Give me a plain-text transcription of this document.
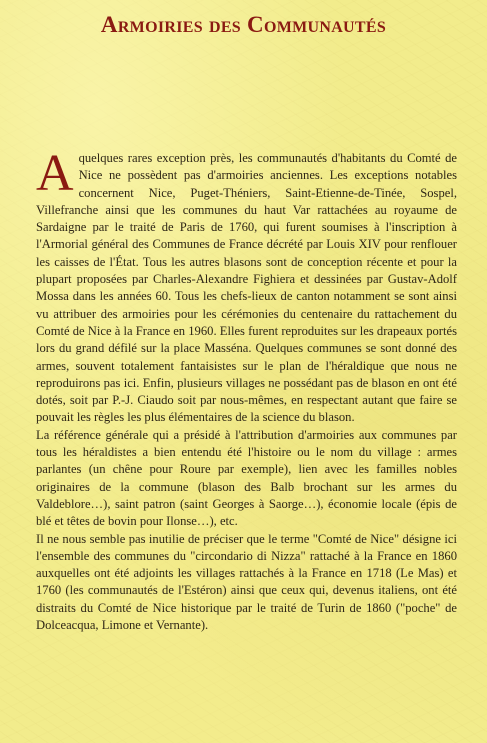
Armoiries des Communautés

Aquelques rares exception près, les communautés d'habitants du Comté de Nice ne possèdent pas d'armoiries anciennes. Les exceptions notables concernent Nice, Puget-Théniers, Saint-Etienne-de-Tinée, Sospel, Villefranche ainsi que les communes du haut Var rattachées au royaume de Sardaigne par le traité de Paris de 1760, qui furent soumises à l'inscription à l'Armorial général des Communes de France décrété par Louis XIV pour renflouer les caisses de l'État. Tous les autres blasons sont de conception récente et pour la plupart proposées par Charles-Alexandre Fighiera et dessinées par Gustav-Adolf Mossa dans les années 60. Tous les chefs-lieux de canton notamment se sont ainsi vu attribuer des armoiries pour les cérémonies du centenaire du rattachement du Comté de Nice à la France en 1960. Elles furent reproduites sur les drapeaux portés lors du grand défilé sur la place Masséna. Quelques communes se sont donné des armes, souvent totalement fantaisistes sur le plan de l'héraldique que nous ne reproduirons pas ici. Enfin, plusieurs villages ne possédant pas de blason en ont été dotés, soit par P.-J. Ciaudo soit par nous-mêmes, en respectant autant que faire se pouvait les règles les plus élémentaires de la science du blason.

La référence générale qui a présidé à l'attribution d'armoiries aux communes par tous les héraldistes a bien entendu été l'histoire ou le nom du village : armes parlantes (un chêne pour Roure par exemple), lien avec les familles nobles originaires de la commune (blason des Balb brochant sur les armes du Valdeblore…), saint patron (saint Georges à Saorge…), économie locale (épis de blé et têtes de bovin pour Ilonse…), etc.

Il ne nous semble pas inutilie de préciser que le terme "Comté de Nice" désigne ici l'ensemble des communes du "circondario di Nizza" rattaché à la France en 1860 auxquelles ont été adjoints les villages rattachés à la France en 1718 (Le Mas) et 1760 (les communautés de l'Estéron) ainsi que ceux qui, devenus italiens, ont été distraits du Comté de Nice historique par le traité de Turin de 1860 ("poche" de Dolceacqua, Limone et Vernante).
